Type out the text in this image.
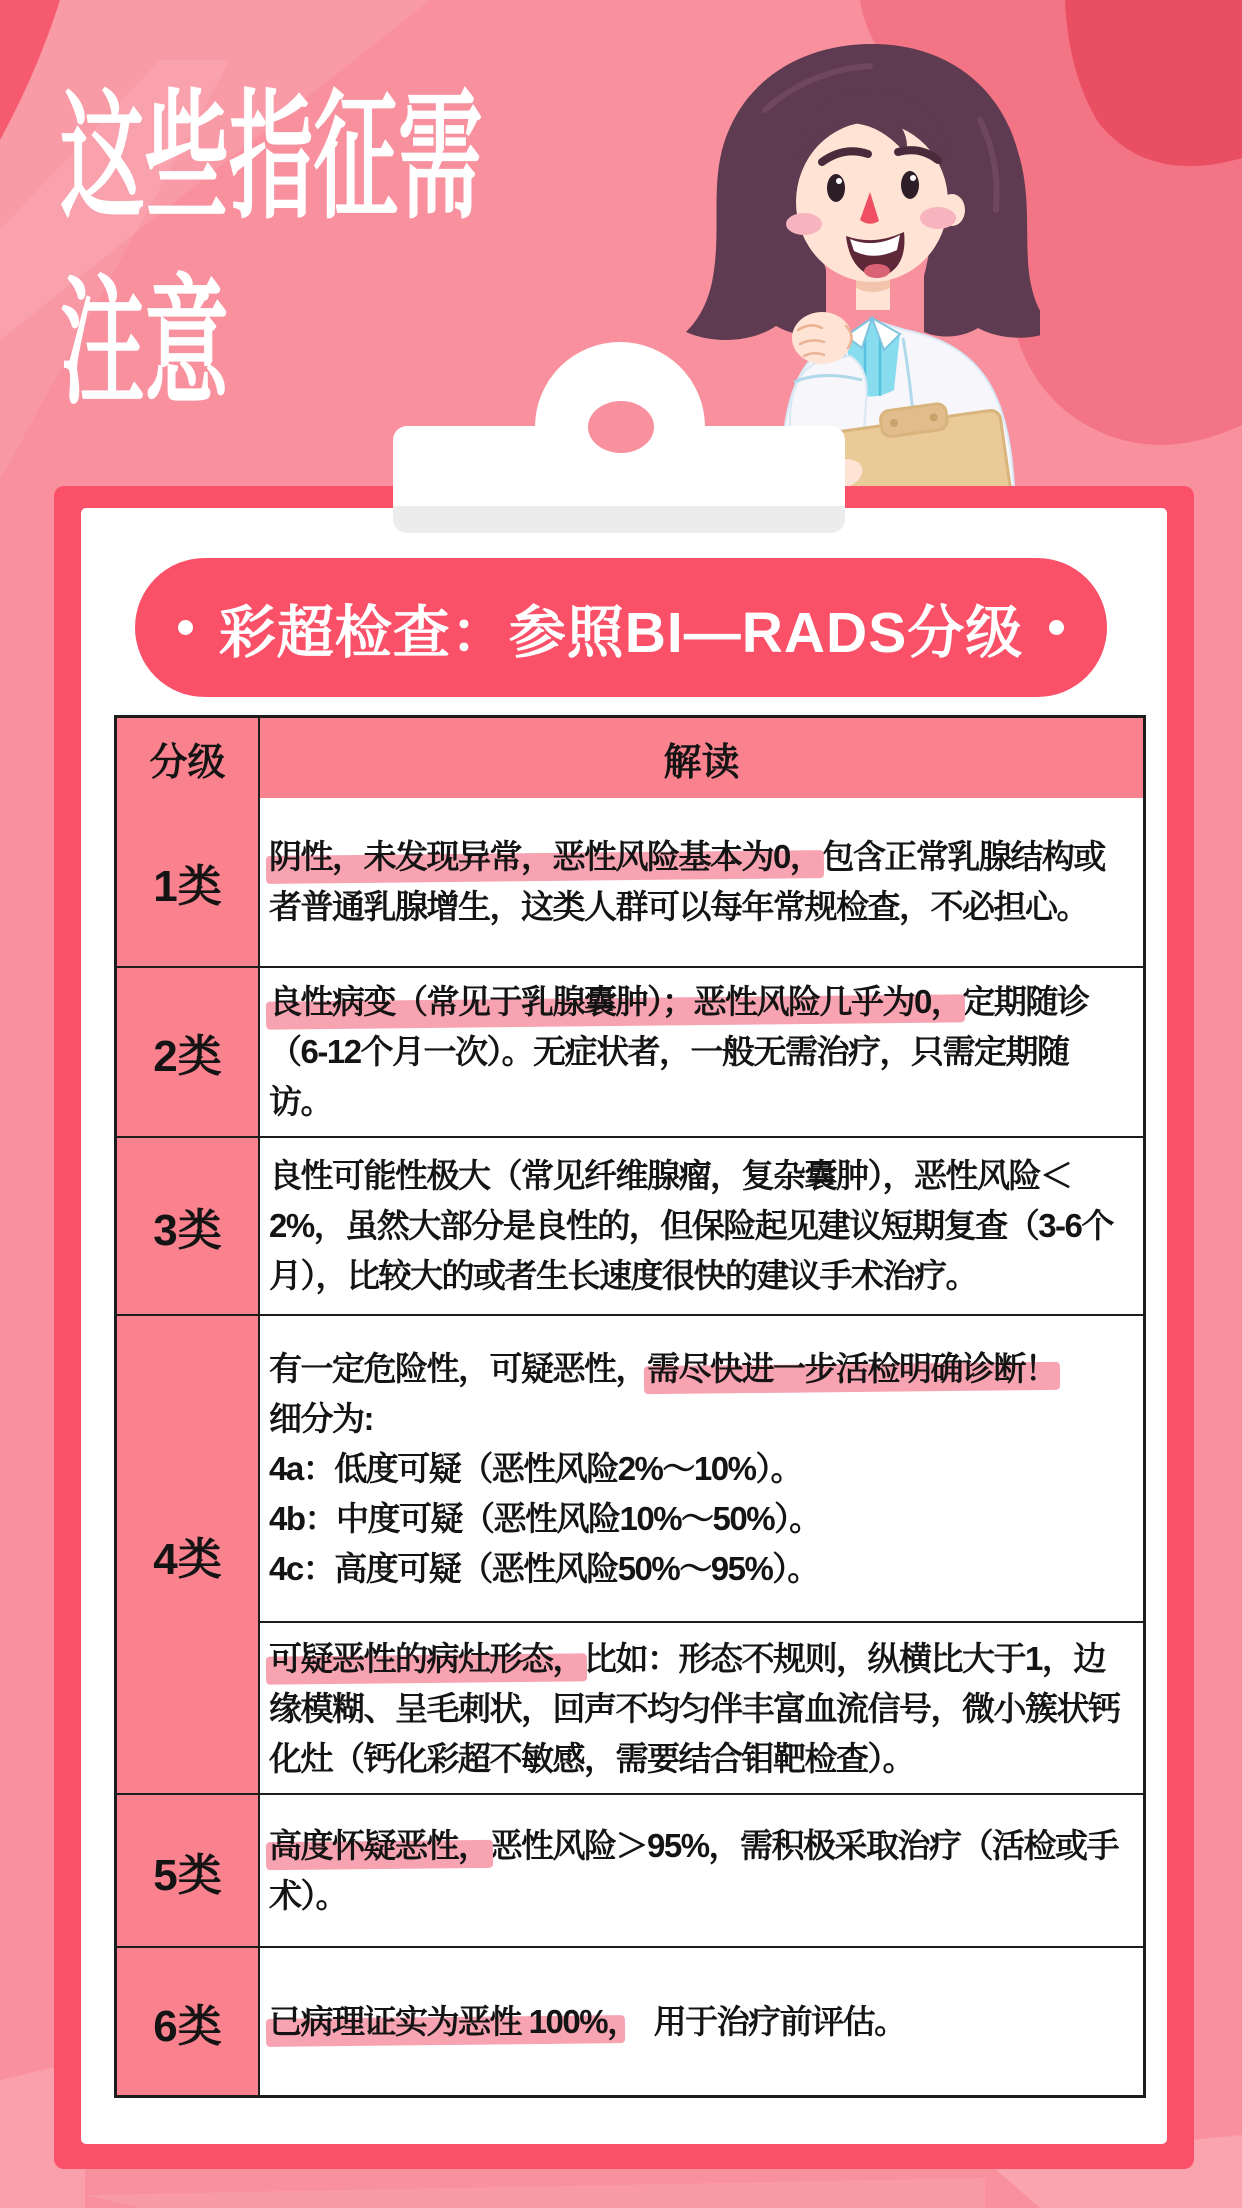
这些指征需
注意
彩超检查：参照BI—RADS分级
分级	解读
1类

阴性，未发现异常，恶性风险基本为0，包含正常乳腺结构或者普通乳腺增生，这类人群可以每年常规检查，不必担心。

2类

良性病变（常见于乳腺囊肿）；恶性风险几乎为0，定期随诊（6-12个月一次）。无症状者，一般无需治疗，只需定期随访。

3类

良性可能性极大（常见纤维腺瘤，复杂囊肿），恶性风险＜2%，虽然大部分是良性的，但保险起见建议短期复查（3-6个月），比较大的或者生长速度很快的建议手术治疗。

4类

有一定危险性，可疑恶性，需尽快进一步活检明确诊断！

细分为:

4a：低度可疑（恶性风险2%～10%）。

4b：中度可疑（恶性风险10%～50%）。

4c：高度可疑（恶性风险50%～95%）。

可疑恶性的病灶形态，比如：形态不规则，纵横比大于1，边缘模糊、呈毛刺状，回声不均匀伴丰富血流信号，微小簇状钙化灶（钙化彩超不敏感，需要结合钼靶检查）。

5类

高度怀疑恶性，恶性风险＞95%，需积极采取治疗（活检或手术）。

6类	已病理证实为恶性 100%，　用于治疗前评估。
